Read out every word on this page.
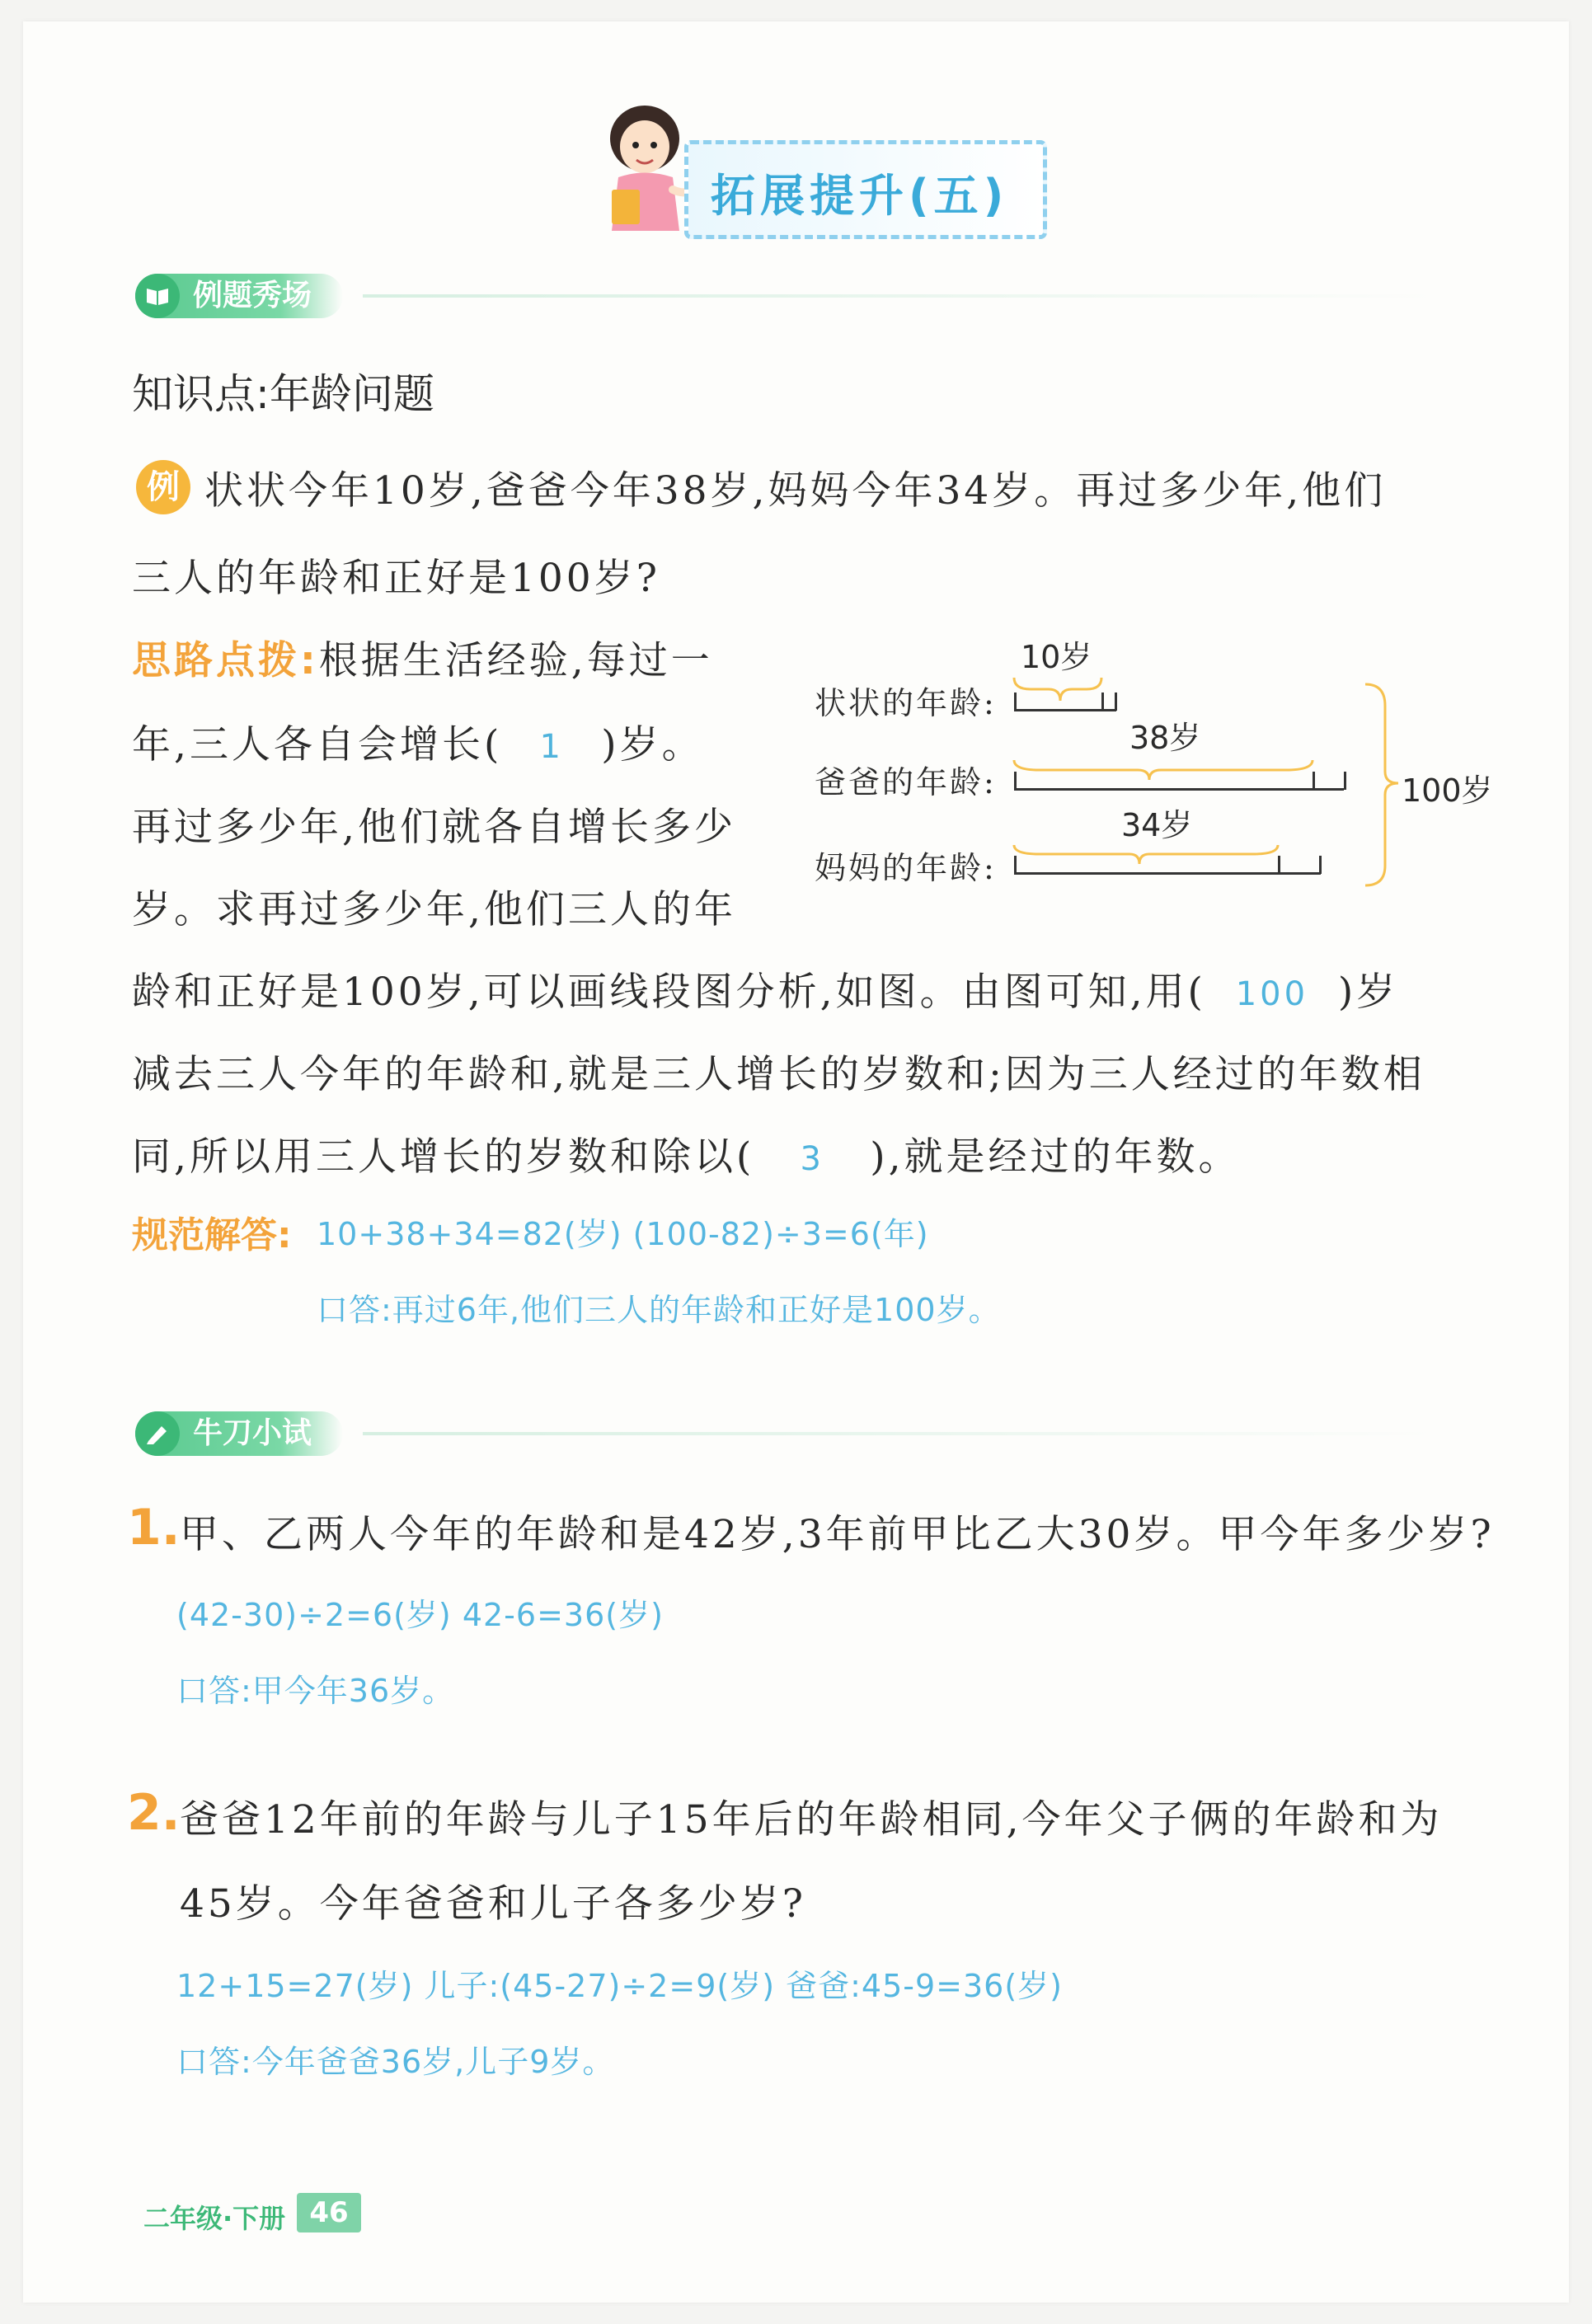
拓展提升(五)
例题秀场
知识点:年龄问题
例 状状今年10岁,爸爸今年38岁,妈妈今年34岁。再过多少年,他们
三人的年龄和正好是100岁?
思路点拨:根据生活经验,每过一
年,三人各自会增长( 1 )岁。
再过多少年,他们就各自增长多少
岁。求再过多少年,他们三人的年
龄和正好是100岁,可以画线段图分析,如图。由图可知,用( 100 )岁
减去三人今年的年龄和,就是三人增长的岁数和;因为三人经过的年数相
同,所以用三人增长的岁数和除以( 3 ),就是经过的年数。
10岁
38岁
34岁
状状的年龄:
爸爸的年龄:
妈妈的年龄:
100岁
规范解答: 10+38+34=82(岁) (100-82)÷3=6(年)
口答:再过6年,他们三人的年龄和正好是100岁。
牛刀小试
1. 甲、乙两人今年的年龄和是42岁,3年前甲比乙大30岁。甲今年多少岁?
(42-30)÷2=6(岁) 42-6=36(岁)
口答:甲今年36岁。
2. 爸爸12年前的年龄与儿子15年后的年龄相同,今年父子俩的年龄和为
45岁。今年爸爸和儿子各多少岁?
12+15=27(岁) 儿子:(45-27)÷2=9(岁) 爸爸:45-9=36(岁)
口答:今年爸爸36岁,儿子9岁。
二年级·下册 46
